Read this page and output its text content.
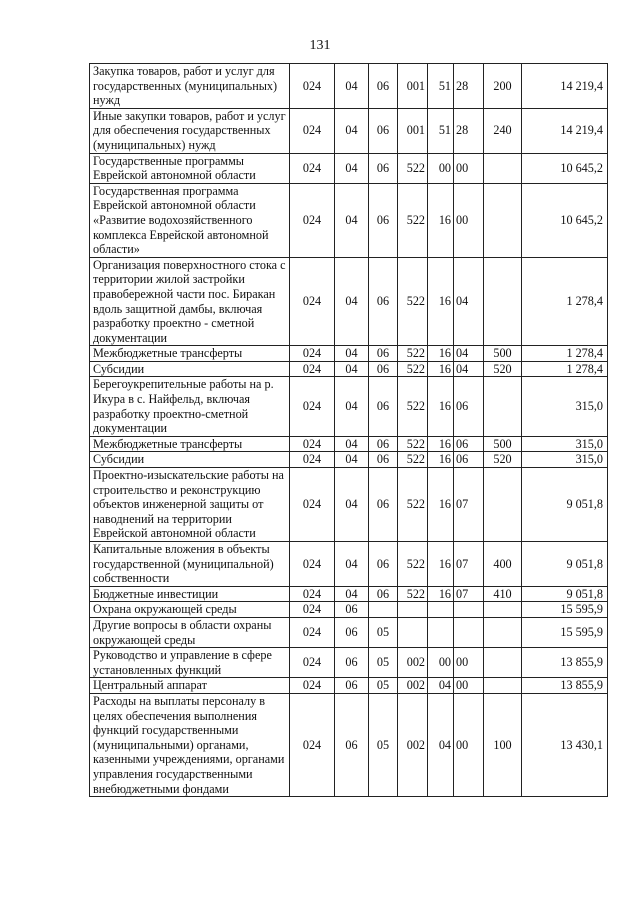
131
Закупка товаров, работ и услуг для государственных (муниципальных) нужд	024	04	06	001	51	28	200	14 219,4
Иные закупки товаров, работ и услуг для обеспечения государственных (муниципальных) нужд	024	04	06	001	51	28	240	14 219,4
Государственные программы Еврейской автономной области	024	04	06	522	00	00		10 645,2
Государственная программа Еврейской автономной области «Развитие водохозяйственного комплекса Еврейской автономной области»	024	04	06	522	16	00		10 645,2
Организация поверхностного стока с территории жилой застройки правобережной части пос. Биракан вдоль защитной дамбы, включая разработку проектно - сметной документации	024	04	06	522	16	04		1 278,4
Межбюджетные трансферты	024	04	06	522	16	04	500	1 278,4
Субсидии	024	04	06	522	16	04	520	1 278,4
Берегоукрепительные работы на р. Икура в с. Найфельд, включая разработку проектно-сметной документации	024	04	06	522	16	06		315,0
Межбюджетные трансферты	024	04	06	522	16	06	500	315,0
Субсидии	024	04	06	522	16	06	520	315,0
Проектно-изыскательские работы на строительство и реконструкцию объектов инженерной защиты от наводнений на территории Еврейской автономной области	024	04	06	522	16	07		9 051,8
Капитальные вложения в объекты государственной (муниципальной) собственности	024	04	06	522	16	07	400	9 051,8
Бюджетные инвестиции	024	04	06	522	16	07	410	9 051,8
Охрана окружающей среды	024	06						15 595,9
Другие вопросы в области охраны окружающей среды	024	06	05					15 595,9
Руководство и управление в сфере установленных функций	024	06	05	002	00	00		13 855,9
Центральный аппарат	024	06	05	002	04	00		13 855,9
Расходы на выплаты персоналу в целях обеспечения выполнения функций государственными (муниципальными) органами, казенными учреждениями, органами управления государственными внебюджетными фондами	024	06	05	002	04	00	100	13 430,1
